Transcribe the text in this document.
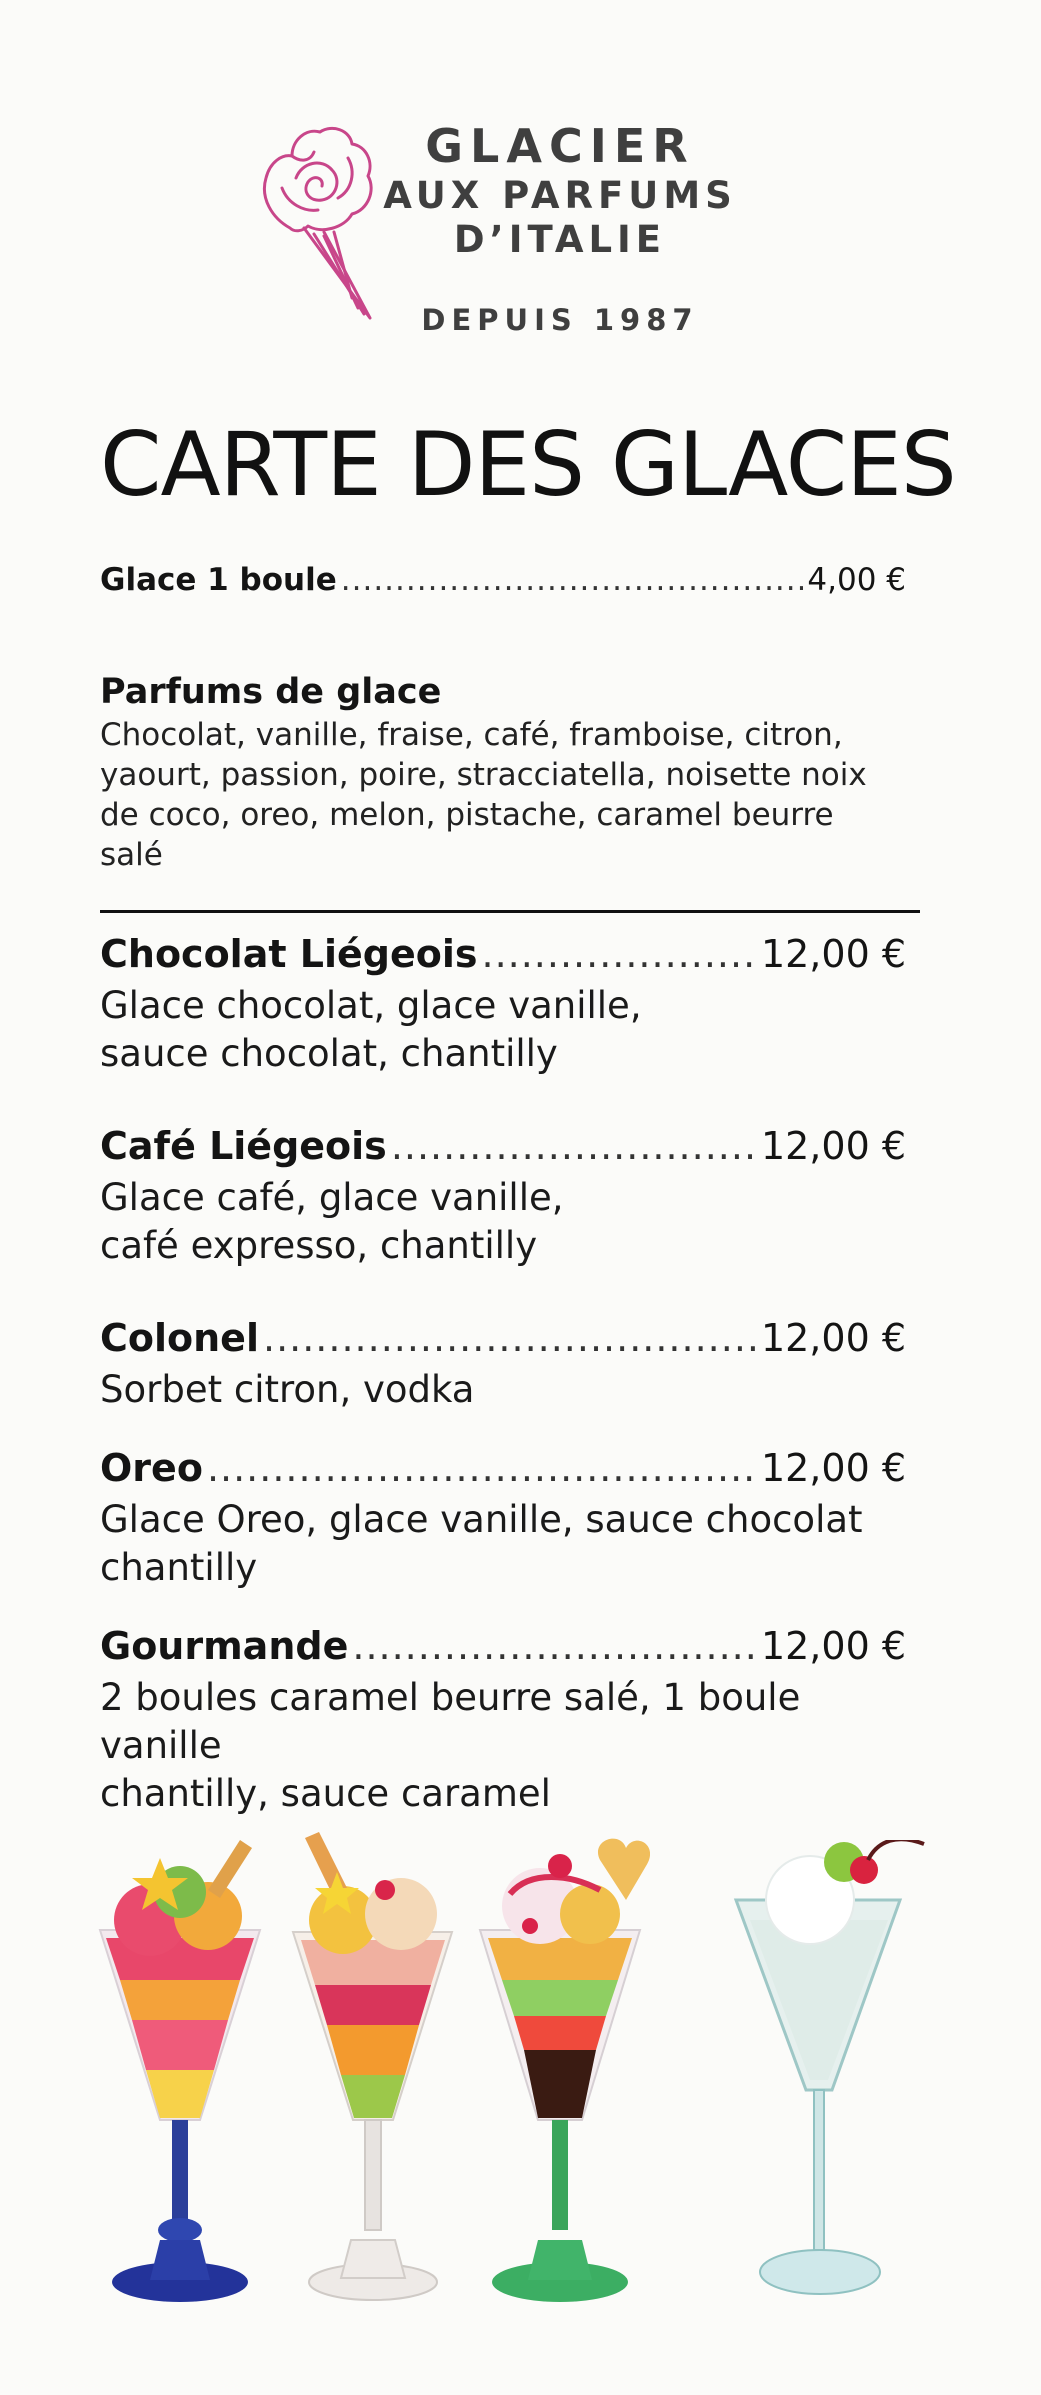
GLACIER
AUX PARFUMS
D’ITALIE
DEPUIS 1987
CARTE DES GLACES
Glace 1 boule .....	4,00 €
Parfums de glace
Chocolat, vanille, fraise, café, framboise, citron, yaourt, passion, poire, stracciatella, noisette noix de coco, oreo, melon, pistache, caramel beurre salé
Chocolat Liégeois .....	12,00 €
Glace chocolat, glace vanille,
sauce chocolat, chantilly
Café Liégeois .....	12,00 €
Glace café, glace vanille,
café expresso, chantilly
Colonel .....	12,00 €
Sorbet citron, vodka
Oreo .....	12,00 €
Glace Oreo, glace vanille, sauce chocolat
chantilly
Gourmande .....	12,00 €
2 boules caramel beurre salé, 1 boule vanille
chantilly, sauce caramel
